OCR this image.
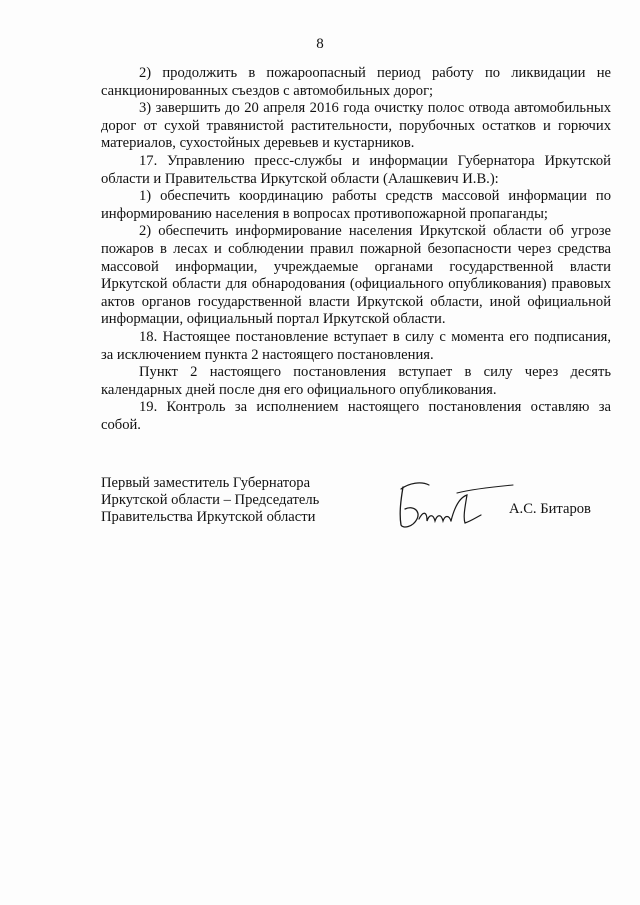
8

2) продолжить в пожароопасный период работу по ликвидации не санкционированных съездов с автомобильных дорог;

3) завершить до 20 апреля 2016 года очистку полос отвода автомобильных дорог от сухой травянистой растительности, порубочных остатков и горючих материалов, сухостойных деревьев и кустарников.

17. Управлению пресс-службы и информации Губернатора Иркутской области и Правительства Иркутской области (Алашкевич И.В.):

1) обеспечить координацию работы средств массовой информации по информированию населения в вопросах противопожарной пропаганды;

2) обеспечить информирование населения Иркутской области об угрозе пожаров в лесах и соблюдении правил пожарной безопасности через средства массовой информации, учреждаемые органами государственной власти Иркутской области для обнародования (официального опубликования) правовых актов органов государственной власти Иркутской области, иной официальной информации, официальный портал Иркутской области.

18. Настоящее постановление вступает в силу с момента его подписания, за исключением пункта 2 настоящего постановления.

Пункт 2 настоящего постановления вступает в силу через десять календарных дней после дня его официального опубликования.

19. Контроль за исполнением настоящего постановления оставляю за собой.

Первый заместитель Губернатора
Иркутской области – Председатель
Правительства Иркутской области	А.С. Битаров
